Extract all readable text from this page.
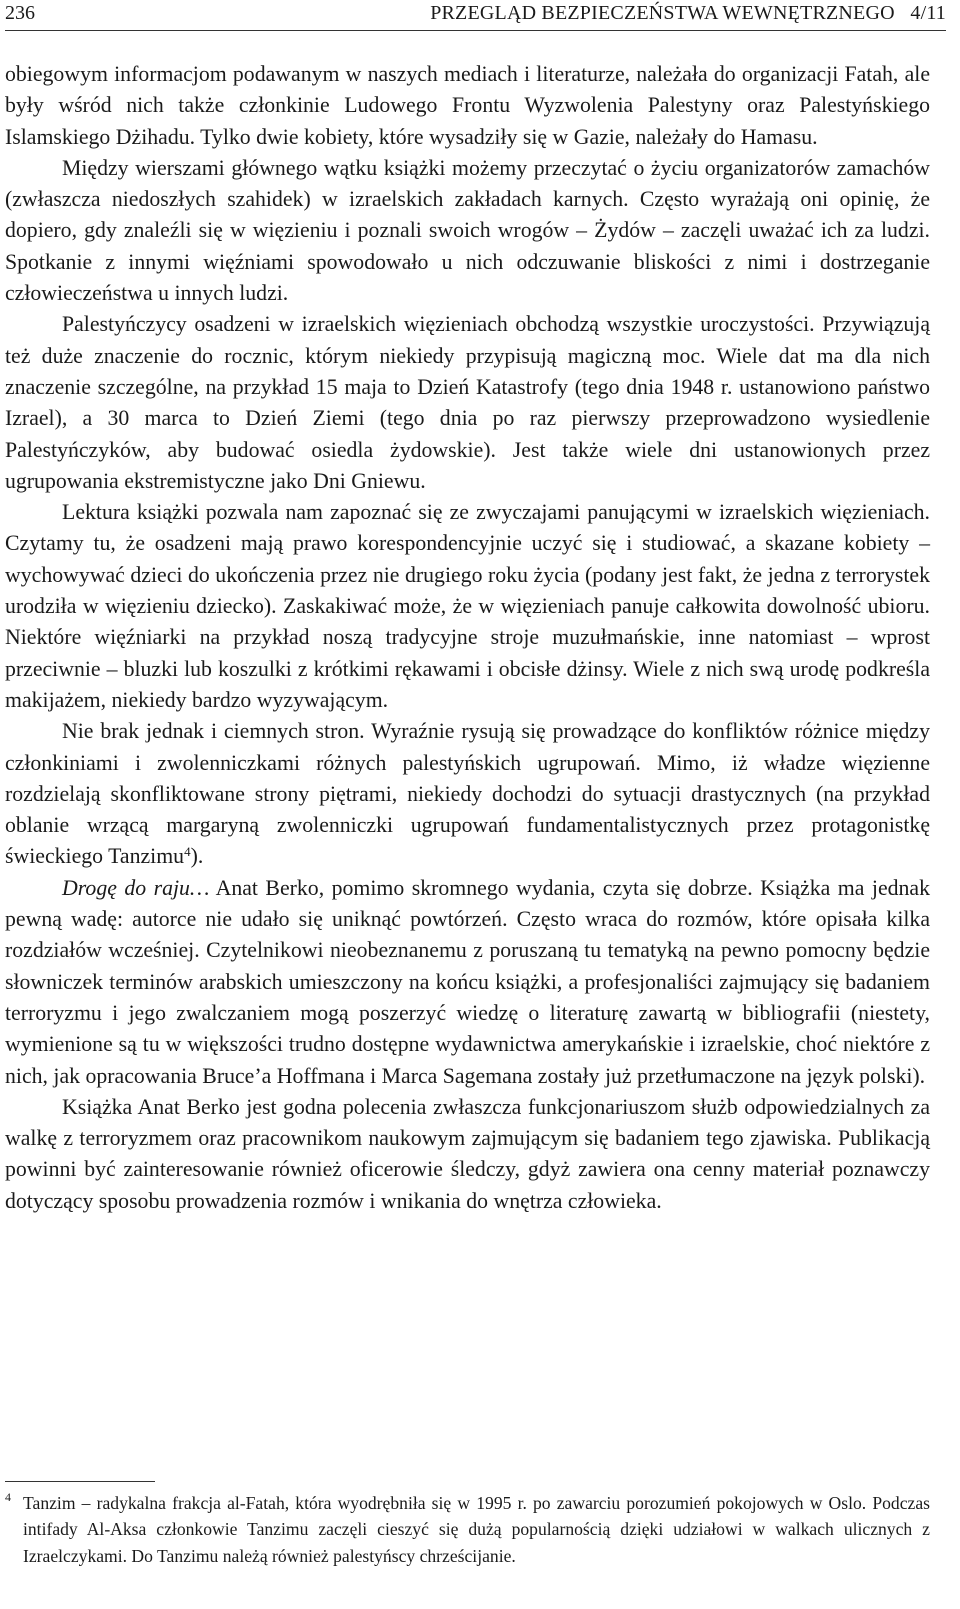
236	PRZEGLĄD BEZPIECZEŃSTWA WEWNĘTRZNEGO 4/11

obiegowym informacjom podawanym w naszych mediach i literaturze, należała do organizacji Fatah, ale były wśród nich także członkinie Ludowego Frontu Wyzwolenia Palestyny oraz Palestyńskiego Islamskiego Dżihadu. Tylko dwie kobiety, które wysadziły się w Gazie, należały do Hamasu.

Między wierszami głównego wątku książki możemy przeczytać o życiu organizatorów zamachów (zwłaszcza niedoszłych szahidek) w izraelskich zakładach karnych. Często wyrażają oni opinię, że dopiero, gdy znaleźli się w więzieniu i poznali swoich wrogów – Żydów – zaczęli uważać ich za ludzi. Spotkanie z innymi więźniami spowodowało u nich odczuwanie bliskości z nimi i dostrzeganie człowieczeństwa u innych ludzi.

Palestyńczycy osadzeni w izraelskich więzieniach obchodzą wszystkie uroczystości. Przywiązują też duże znaczenie do rocznic, którym niekiedy przypisują magiczną moc. Wiele dat ma dla nich znaczenie szczególne, na przykład 15 maja to Dzień Katastrofy (tego dnia 1948 r. ustanowiono państwo Izrael), a 30 marca to Dzień Ziemi (tego dnia po raz pierwszy przeprowadzono wysiedlenie Palestyńczyków, aby budować osiedla żydowskie). Jest także wiele dni ustanowionych przez ugrupowania ekstremistyczne jako Dni Gniewu.

Lektura książki pozwala nam zapoznać się ze zwyczajami panującymi w izraelskich więzieniach. Czytamy tu, że osadzeni mają prawo korespondencyjnie uczyć się i studiować, a skazane kobiety – wychowywać dzieci do ukończenia przez nie drugiego roku życia (podany jest fakt, że jedna z terrorystek urodziła w więzieniu dziecko). Zaskakiwać może, że w więzieniach panuje całkowita dowolność ubioru. Niektóre więźniarki na przykład noszą tradycyjne stroje muzułmańskie, inne natomiast – wprost przeciwnie – bluzki lub koszulki z krótkimi rękawami i obcisłe dżinsy. Wiele z nich swą urodę podkreśla makijażem, niekiedy bardzo wyzywającym.

Nie brak jednak i ciemnych stron. Wyraźnie rysują się prowadzące do konfliktów różnice między członkiniami i zwolenniczkami różnych palestyńskich ugrupowań. Mimo, iż władze więzienne rozdzielają skonfliktowane strony piętrami, niekiedy dochodzi do sytuacji drastycznych (na przykład oblanie wrzącą margaryną zwolenniczki ugrupowań fundamentalistycznych przez protagonistkę świeckiego Tanzimu$^4$).

Drogę do raju… Anat Berko, pomimo skromnego wydania, czyta się dobrze. Książka ma jednak pewną wadę: autorce nie udało się uniknąć powtórzeń. Często wraca do rozmów, które opisała kilka rozdziałów wcześniej. Czytelnikowi nieobeznanemu z poruszaną tu tematyką na pewno pomocny będzie słowniczek terminów arabskich umieszczony na końcu książki, a profesjonaliści zajmujący się badaniem terroryzmu i jego zwalczaniem mogą poszerzyć wiedzę o literaturę zawartą w bibliografii (niestety, wymienione są tu w większości trudno dostępne wydawnictwa amerykańskie i izraelskie, choć niektóre z nich, jak opracowania Bruce’a Hoffmana i Marca Sagemana zostały już przetłumaczone na język polski).

Książka Anat Berko jest godna polecenia zwłaszcza funkcjonariuszom służb odpowiedzialnych za walkę z terroryzmem oraz pracownikom naukowym zajmującym się badaniem tego zjawiska. Publikacją powinni być zainteresowanie również oficerowie śledczy, gdyż zawiera ona cenny materiał poznawczy dotyczący sposobu prowadzenia rozmów i wnikania do wnętrza człowieka.

4 Tanzim – radykalna frakcja al-Fatah, która wyodrębniła się w 1995 r. po zawarciu porozumień pokojowych w Oslo. Podczas intifady Al-Aksa członkowie Tanzimu zaczęli cieszyć się dużą popularnością dzięki udziałowi w walkach ulicznych z Izraelczykami. Do Tanzimu należą również palestyńscy chrześcijanie.
